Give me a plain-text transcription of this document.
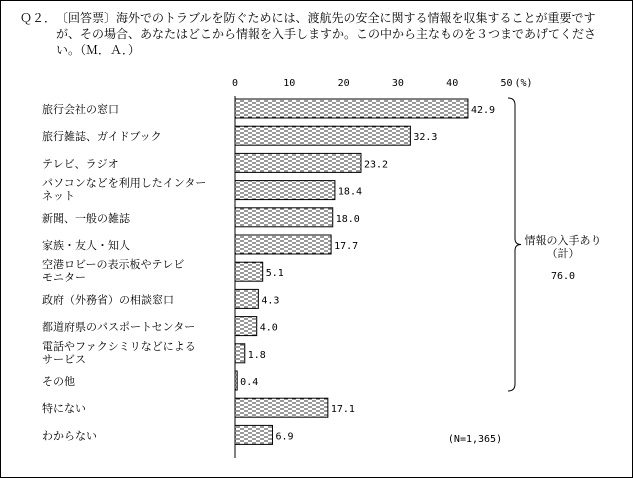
Ｑ２． 〔回答票〕海外でのトラブルを防ぐためには、渡航先の安全に関する情報を収集することが重要ですが、その場合、あなたはどこから情報を入手しますか。この中から主なものを３つまであげてください。（Ｍ．Ａ．）

0	10	20	30	40	50 (%)
旅行会社の窓口	42.9
旅行雑誌、ガイドブック	32.3
テレビ、ラジオ	23.2
パソコンなどを利用したインターネット	18.4
新聞、一般の雑誌	18.0
家族・友人・知人	17.7
空港ロビーの表示板やテレビモニター	5.1
政府（外務省）の相談窓口	4.3
都道府県のパスポートセンター	4.0
電話やファクシミリなどによるサービス	1.8
その他	0.4
特にない	17.1
わからない	6.9
情報の入手あり（計）
76.0
(N=1,365)
